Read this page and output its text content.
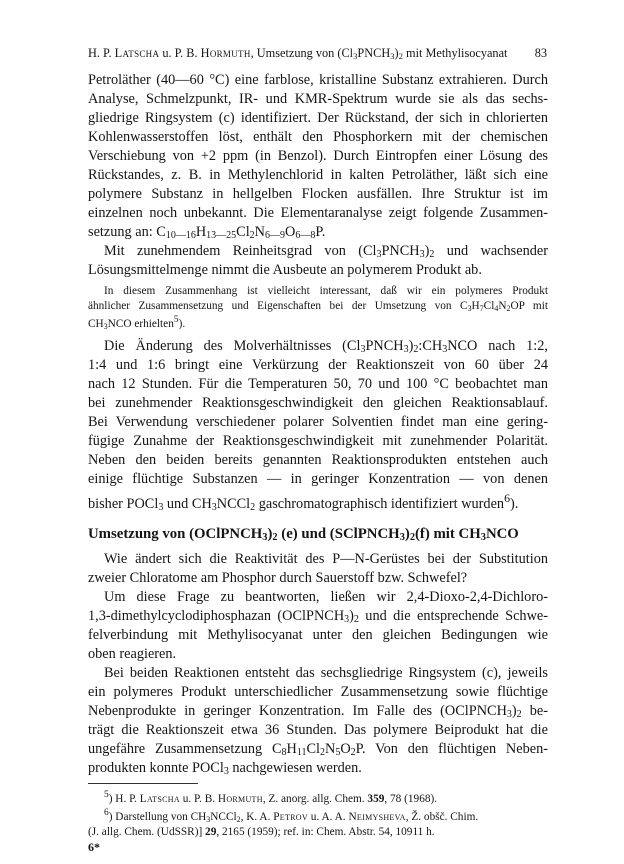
H. P. Latscha u. P. B. Hormuth, Umsetzung von $(Cl_3PNCH_3)_2$ mit Methylisocyanat 83
Petroläther (40—60 °C) eine farblose, kristalline Substanz extrahieren. Durch
Analyse, Schmelzpunkt, IR- und KMR-Spektrum wurde sie als das sechs-
gliedrige Ringsystem (c) identifiziert. Der Rückstand, der sich in chlorierten
Kohlenwasserstoffen löst, enthält den Phosphorkern mit der chemischen
Verschiebung von +2 ppm (in Benzol). Durch Eintropfen einer Lösung des
Rückstandes, z. B. in Methylenchlorid in kalten Petroläther, läßt sich eine
polymere Substanz in hellgelben Flocken ausfällen. Ihre Struktur ist im
einzelnen noch unbekannt. Die Elementaranalyse zeigt folgende Zusammen-
setzung an: $C_{10—16}H_{13—25}Cl_2N_{6—9}O_{6—8}P$.
Mit zunehmendem Reinheitsgrad von $(Cl_3PNCH_3)_2$ und wachsender
Lösungsmittelmenge nimmt die Ausbeute an polymerem Produkt ab.
In diesem Zusammenhang ist vielleicht interessant, daß wir ein polymeres Produkt
ähnlicher Zusammensetzung und Eigenschaften bei der Umsetzung von $C_3H_7Cl_4N_2OP$ mit
$CH_3NCO$ erhielten$^5$).
Die Änderung des Molverhältnisses $(Cl_3PNCH_3)_2:CH_3NCO$ nach 1:2,
1:4 und 1:6 bringt eine Verkürzung der Reaktionszeit von 60 über 24
nach 12 Stunden. Für die Temperaturen 50, 70 und 100 °C beobachtet man
bei zunehmender Reaktionsgeschwindigkeit den gleichen Reaktionsablauf.
Bei Verwendung verschiedener polarer Solventien findet man eine gering-
fügige Zunahme der Reaktionsgeschwindigkeit mit zunehmender Polarität.
Neben den beiden bereits genannten Reaktionsprodukten entstehen auch
einige flüchtige Substanzen — in geringer Konzentration — von denen
bisher POCl$_3$ und $CH_3NCCl_2$ gaschromatographisch identifiziert wurden$^6$).
Umsetzung von $(OClPNCH_3)_2$ (e) und $(SClPNCH_3)_2(f)$ mit $CH_3NCO$
Wie ändert sich die Reaktivität des P—N-Gerüstes bei der Substitution
zweier Chloratome am Phosphor durch Sauerstoff bzw. Schwefel?
Um diese Frage zu beantworten, ließen wir 2,4-Dioxo-2,4-Dichloro-
1,3-dimethylcyclodiphosphazan $(OClPNCH_3)_2$ und die entsprechende Schwe-
felverbindung mit Methylisocyanat unter den gleichen Bedingungen wie
oben reagieren.
Bei beiden Reaktionen entsteht das sechsgliedrige Ringsystem (c), jeweils
ein polymeres Produkt unterschiedlicher Zusammensetzung sowie flüchtige
Nebenprodukte in geringer Konzentration. Im Falle des $(OClPNCH_3)_2$ be-
trägt die Reaktionszeit etwa 36 Stunden. Das polymere Beiprodukt hat die
ungefähre Zusammensetzung $C_8H_{11}Cl_2N_5O_2P$. Von den flüchtigen Neben-
produkten konnte POCl$_3$ nachgewiesen werden.
$^5$) H. P. Latscha u. P. B. Hormuth, Z. anorg. allg. Chem. 359, 78 (1968).
$^6$) Darstellung von $CH_3NCCl_2$, K. A. Petrov u. A. A. Neimysheva, Ž. obšč. Chim.
(J. allg. Chem. (UdSSR)] 29, 2165 (1959); ref. in: Chem. Abstr. 54, 10911 h.
6*
